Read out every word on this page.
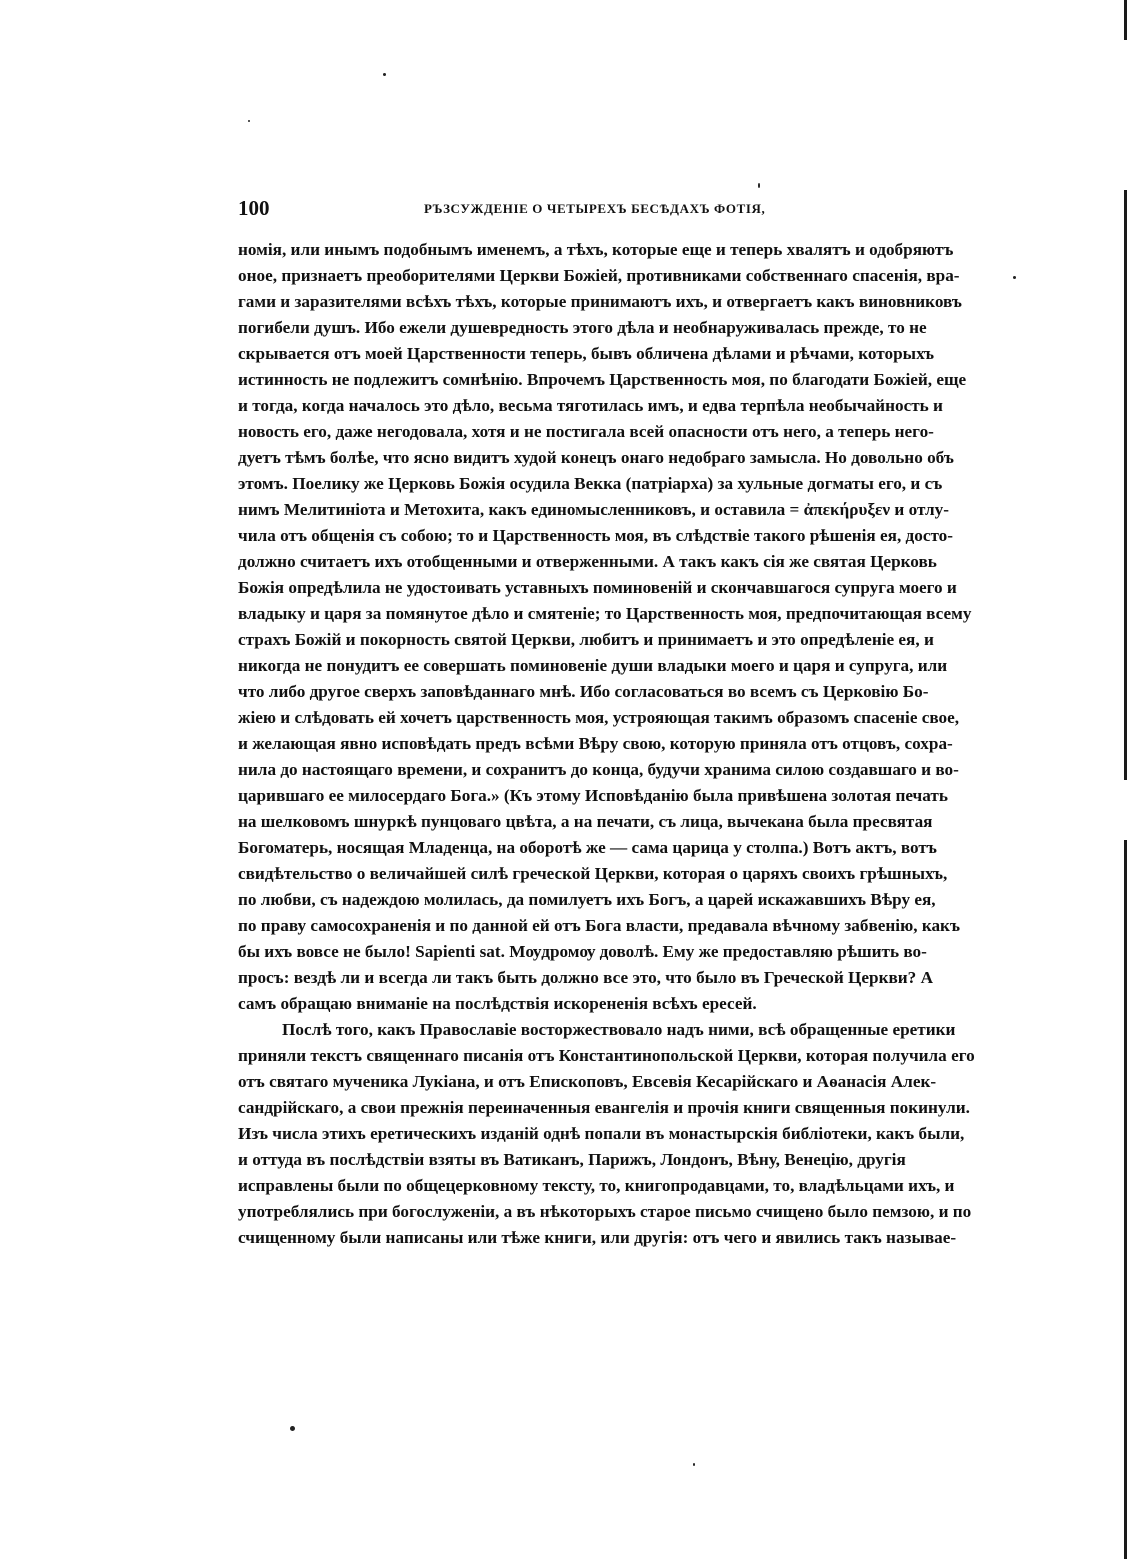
100	РЪЗСУЖДЕНІЕ О ЧЕТЫРЕХЪ БЕСѢДАХЪ ФОТІЯ,

номія, или инымъ подобнымъ именемъ, а тѣхъ, которые еще и теперь хвалятъ и одобряютъ
оное, признаетъ преоборителями Церкви Божіей, противниками собственнаго спасенія, вра-
гами и заразителями всѣхъ тѣхъ, которые принимаютъ ихъ, и отвергаетъ какъ виновниковъ
погибели душъ. Ибо ежели душевредность этого дѣла и необнаруживалась прежде, то не
скрывается отъ моей Царственности теперь, бывъ обличена дѣлами и рѣчами, которыхъ
истинность не подлежитъ сомнѣнію. Впрочемъ Царственность моя, по благодати Божіей, еще
и тогда, когда началось это дѣло, весьма тяготилась имъ, и едва терпѣла необычайность и
новость его, даже негодовала, хотя и не постигала всей опасности отъ него, а теперь него-
дуетъ тѣмъ болѣе, что ясно видитъ худой конецъ онаго недобраго замысла. Но довольно объ
этомъ. Поелику же Церковь Божія осудила Векка (патріарха) за хульные догматы его, и съ
нимъ Мелитиніота и Метохита, какъ единомысленниковъ, и оставила = ἀπεκήρυξεν и отлу-
чила отъ общенія съ собою; то и Царственность моя, въ слѣдствіе такого рѣшенія ея, досто-
должно считаетъ ихъ отобщенными и отверженными. А такъ какъ сія же святая Церковь
Божія опредѣлила не удостоивать уставныхъ поминовеній и скончавшагося супруга моего и
владыку и царя за помянутое дѣло и смятеніе; то Царственность моя, предпочитающая всему
страхъ Божій и покорность святой Церкви, любитъ и принимаетъ и это опредѣленіе ея, и
никогда не понудитъ ее совершать поминовеніе души владыки моего и царя и супруга, или
что либо другое сверхъ заповѣданнаго мнѣ. Ибо согласоваться во всемъ съ Церковію Бо-
жіею и слѣдовать ей хочетъ царственность моя, устрояющая такимъ образомъ спасеніе свое,
и желающая явно исповѣдать предъ всѣми Вѣру свою, которую приняла отъ отцовъ, сохра-
нила до настоящаго времени, и сохранитъ до конца, будучи хранима силою создавшаго и во-
царившаго ее милосердаго Бога.» (Къ этому Исповѣданію была привѣшена золотая печать
на шелковомъ шнуркѣ пунцоваго цвѣта, а на печати, съ лица, вычекана была пресвятая
Богоматерь, носящая Младенца, на оборотѣ же — сама царица у столпа.) Вотъ актъ, вотъ
свидѣтельство о величайшей силѣ греческой Церкви, которая о царяхъ своихъ грѣшныхъ,
по любви, съ надеждою молилась, да помилуетъ ихъ Богъ, а царей искажавшихъ Вѣру ея,
по праву самосохраненія и по данной ей отъ Бога власти, предавала вѣчному забвенію, какъ
бы ихъ вовсе не было! Sapienti sat. Мѹдромѹ доволѣ. Ему же предоставляю рѣшить во-
просъ: вездѣ ли и всегда ли такъ быть должно все это, что было въ Греческой Церкви? А
самъ обращаю вниманіе на послѣдствія искорененія всѣхъ ересей.

Послѣ того, какъ Православіе восторжествовало надъ ними, всѣ обращенные еретики
приняли текстъ священнаго писанія отъ Константинопольской Церкви, которая получила его
отъ святаго мученика Лукіана, и отъ Епископовъ, Евсевія Кесарійскаго и Аѳанасія Алек-
сандрійскаго, а свои прежнія переиначенныя евангелія и прочія книги священныя покинули.
Изъ числа этихъ еретическихъ изданій однѣ попали въ монастырскія библіотеки, какъ были,
и оттуда въ послѣдствіи взяты въ Ватиканъ, Парижъ, Лондонъ, Вѣну, Венецію, другія
исправлены были по общецерковному тексту, то, книгопродавцами, то, владѣльцами ихъ, и
употреблялись при богослуженіи, а въ нѣкоторыхъ старое письмо счищено было пемзою, и по
счищенному были написаны или тѣже книги, или другія: отъ чего и явились такъ называе-
